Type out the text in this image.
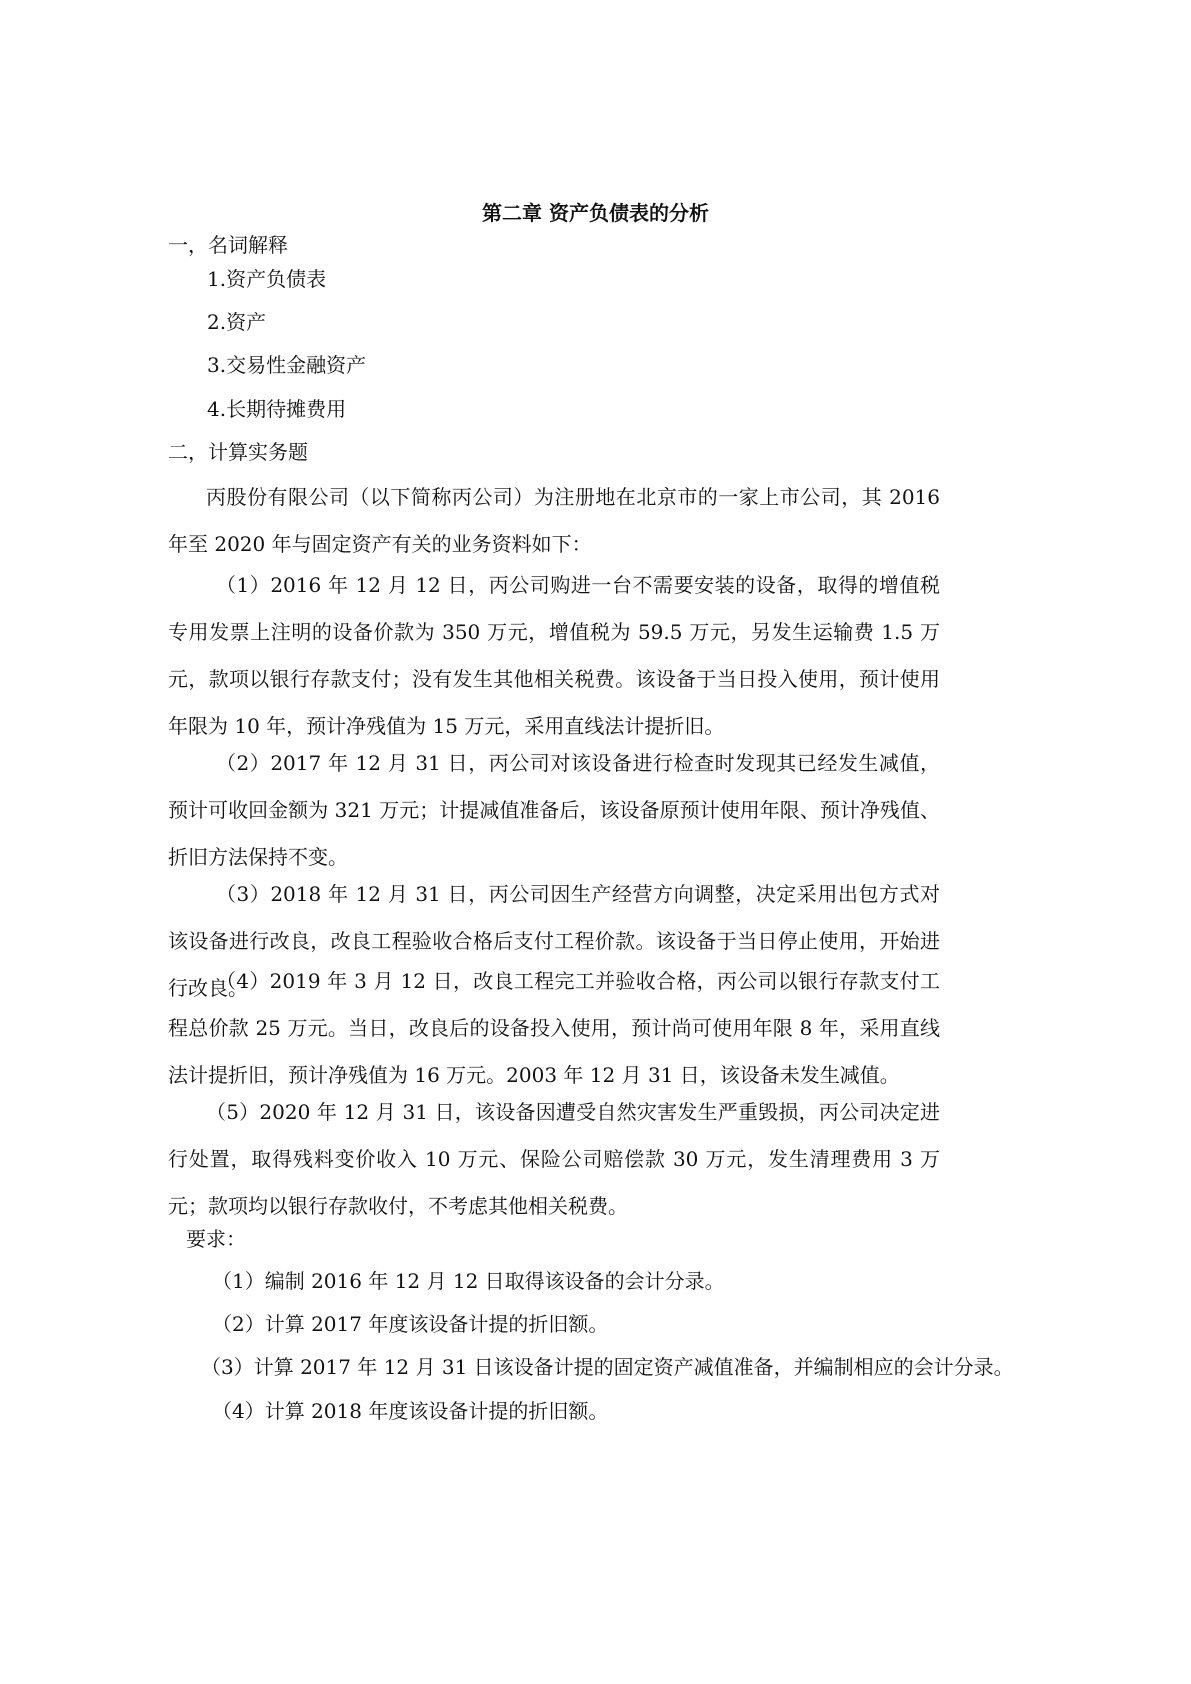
第二章 资产负债表的分析
一，名词解释
1.资产负债表
2.资产
3.交易性金融资产
4.长期待摊费用
二，计算实务题
丙股份有限公司（以下简称丙公司）为注册地在北京市的一家上市公司，其 2016 年至 2020 年与固定资产有关的业务资料如下：
（1）2016 年 12 月 12 日，丙公司购进一台不需要安装的设备，取得的增值税专用发票上注明的设备价款为 350 万元，增值税为 59.5 万元，另发生运输费 1.5 万元，款项以银行存款支付；没有发生其他相关税费。该设备于当日投入使用，预计使用年限为 10 年，预计净残值为 15 万元，采用直线法计提折旧。
（2）2017 年 12 月 31 日，丙公司对该设备进行检查时发现其已经发生减值，预计可收回金额为 321 万元；计提减值准备后，该设备原预计使用年限、预计净残值、折旧方法保持不变。
（3）2018 年 12 月 31 日，丙公司因生产经营方向调整，决定采用出包方式对该设备进行改良，改良工程验收合格后支付工程价款。该设备于当日停止使用，开始进行改良。
（4）2019 年 3 月 12 日，改良工程完工并验收合格，丙公司以银行存款支付工程总价款 25 万元。当日，改良后的设备投入使用，预计尚可使用年限 8 年，采用直线法计提折旧，预计净残值为 16 万元。2003 年 12 月 31 日，该设备未发生减值。
（5）2020 年 12 月 31 日，该设备因遭受自然灾害发生严重毁损，丙公司决定进行处置，取得残料变价收入 10 万元、保险公司赔偿款 30 万元，发生清理费用 3 万元；款项均以银行存款收付，不考虑其他相关税费。
要求：
（1）编制 2016 年 12 月 12 日取得该设备的会计分录。
（2）计算 2017 年度该设备计提的折旧额。
（3）计算 2017 年 12 月 31 日该设备计提的固定资产减值准备，并编制相应的会计分录。
（4）计算 2018 年度该设备计提的折旧额。
